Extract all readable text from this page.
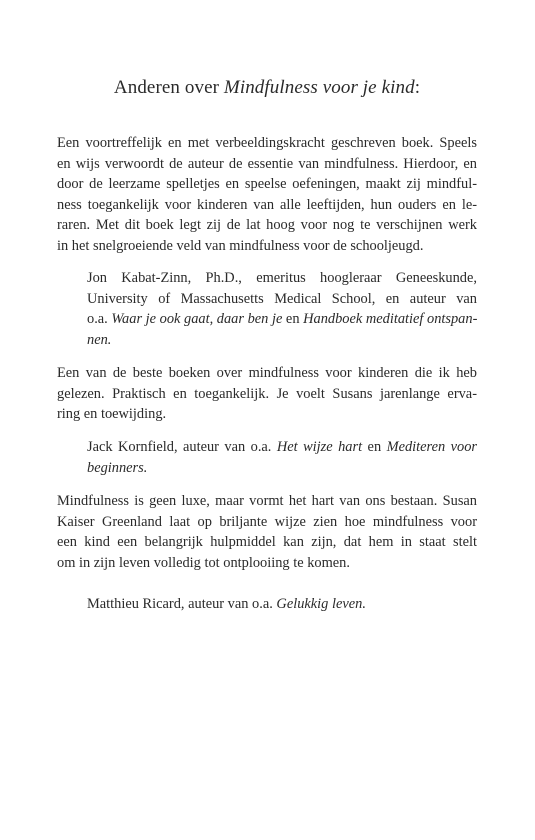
Anderen over Mindfulness voor je kind:
Een voortreffelijk en met verbeeldingskracht geschreven boek. Speels
en wijs verwoordt de auteur de essentie van mindfulness. Hierdoor, en
door de leerzame spelletjes en speelse oefeningen, maakt zij mindful-
ness toegankelijk voor kinderen van alle leeftijden, hun ouders en le-
raren. Met dit boek legt zij de lat hoog voor nog te verschijnen werk
in het snelgroeiende veld van mindfulness voor de schooljeugd.
Jon Kabat-Zinn, Ph.D., emeritus hoogleraar Geneeskunde,
University of Massachusetts Medical School, en auteur van
o.a. Waar je ook gaat, daar ben je en Handboek meditatief ontspan-
nen.
Een van de beste boeken over mindfulness voor kinderen die ik heb
gelezen. Praktisch en toegankelijk. Je voelt Susans jarenlange erva-
ring en toewijding.
Jack Kornfield, auteur van o.a. Het wijze hart en Mediteren voor
beginners.
Mindfulness is geen luxe, maar vormt het hart van ons bestaan. Susan
Kaiser Greenland laat op briljante wijze zien hoe mindfulness voor
een kind een belangrijk hulpmiddel kan zijn, dat hem in staat stelt
om in zijn leven volledig tot ontplooiing te komen.
Matthieu Ricard, auteur van o.a. Gelukkig leven.
